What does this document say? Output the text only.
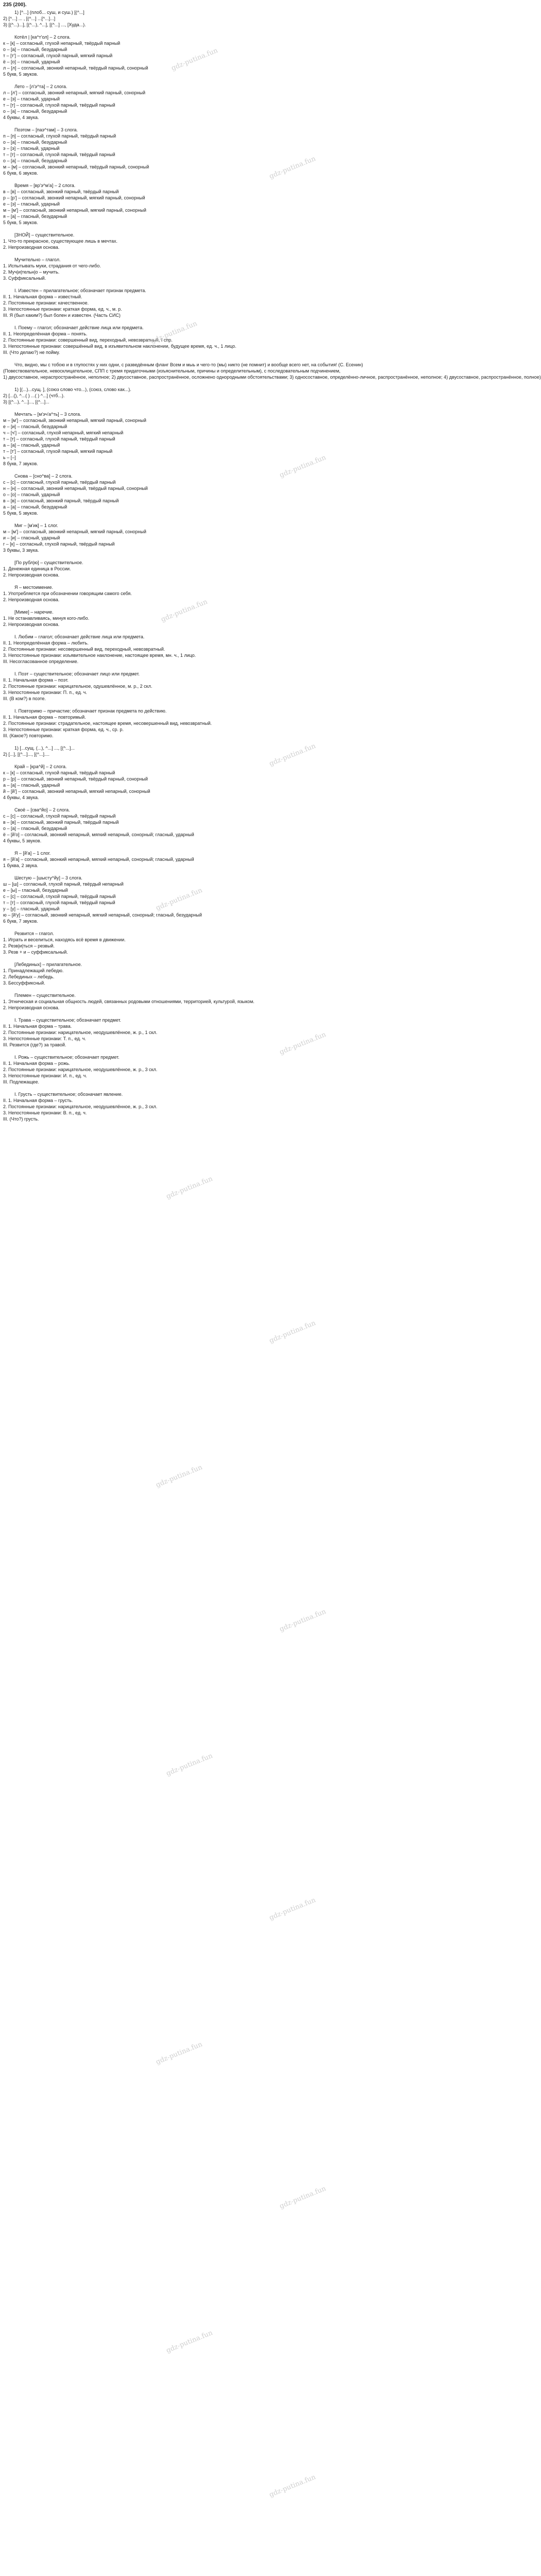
235 (200).
1) [^...] (плоб... суш, и суш.) [(^...]
2) [^...] ... , [(^...] ...[^...]...]
3) [(^...)...], [(^...), ^...], [(^...] ..., [Худа...).
Котёл | [ка^т'ол] – 2 слога.
к – [к] – согласный, глухой непарный, твёрдый парный
о – [а] – гласный, безударный
т – [т'] – согласный, глухой парный, мягкий парный
ё – [о] – гласный, ударный
л – [л] – согласный, звонкий непарный, твёрдый парный, сонорный
5 букв, 5 звуков.
Лето – [л'э^та] – 2 слога.
л – [л'] – согласный, звонкий непарный, мягкий парный, сонорный
е – [э] – гласный, ударный
т – [т] – согласный, глухой парный, твёрдый парный
о – [а] – гласный, безударный
4 буквы, 4 звука.
Поэтом – [паэ^там] – 3 слога.
п – [п] – согласный, глухой парный, твёрдый парный
о – [а] – гласный, безударный
э – [э] – гласный, ударный
т – [т] – согласный, глухой парный, твёрдый парный
о – [а] – гласный, безударный
м – [м] – согласный, звонкий непарный, твёрдый парный, сонорный
6 букв, 6 звуков.
Время – [вр'э^м'а] – 2 слога.
в – [в] – согласный, звонкий парный, твёрдый парный
р – [р'] – согласный, звонкий непарный, мягкий парный, сонорный
е – [э] – гласный, ударный
м – [м'] – согласный, звонкий непарный, мягкий парный, сонорный
я – [а] – гласный, безударный
5 букв, 5 звуков.
[ЗНОЙ] – существительное.
1. Что-то прекрасное, существующее лишь в мечтах.
2. Непроизводная основа.
Мучительно – глагол.
1. Испытывать муки, страдания от чего-либо.
2. Муч|и|тельн|о – мучить.
3. Суффиксальный.
I. Известен – прилагательное; обозначает признак предмета.
II. 1. Начальная форма – известный.
2. Постоянные признаки: качественное.
3. Непостоянные признаки: краткая форма, ед. ч., м. р.
III. Я (был каким?) был болен и известен. (Часть СИС)
I. Поему – глагол; обозначает действие лица или предмета.
II. 1. Неопределённая форма – понять.
2. Постоянные признаки: совершенный вид, переходный, невозвратный, I спр.
3. Непостоянные признаки: совершённый вид, в изъявительном наклонении, будущее время, ед. ч., 1 лицо.
III. (Что делаю?) не пойму.
Что, видно, мы с тобою и в глупостях у них одни, с разведённым фланг Всем и мыь и чего-то (мы) никто (не помнит) и вообще всего нет, на события! (С. Есенин)
(Повествовательное, невосклицательное, СПП с тремя придаточными (изъяснительным, причины и определительным), с последовательным подчинением,
1) двусоставное, нераспространённое, неполное; 2) двусоставное, распространённое, осложнено однородными обстоятельствами; 3) односоставное, определённо-личное, распространённое, неполное; 4) двусоставное, распространённое, полное)
1) [(...)...сущ. ], (союз слово что...), (союз, слово как...).
2) [...(), ^...( ) ...( ) ^...] (чтб...).
3) [(^...), ^...]..., [(^...]...
Мечтать – [м'эч'а^ть] – 3 слога.
м – [м'] – согласный, звонкий непарный, мягкий парный, сонорный
е – [и] – гласный, безударный
ч – [ч'] – согласный, глухой непарный, мягкий непарный
т – [т] – согласный, глухой парный, твёрдый парный
а – [а] – гласный, ударный
т – [т'] – согласный, глухой парный, мягкий парный
ь – [–]
8 букв, 7 звуков.
Снова – [сно^ва] – 2 слога.
с – [с] – согласный, глухой парный, твёрдый парный
н – [н] – согласный, звонкий непарный, твёрдый парный, сонорный
о – [о] – гласный, ударный
в – [в] – согласный, звонкий парный, твёрдый парный
а – [а] – гласный, безударный
5 букв, 5 звуков.
Миг – [м'ик] – 1 слог.
м – [м'] – согласный, звонкий непарный, мягкий парный, сонорный
и – [и] – гласный, ударный
г – [к] – согласный, глухой парный, твёрдый парный
3 буквы, 3 звука.
[По рубл|ю] – существительное.
1. Денежная единица в России.
2. Непроизводная основа.
Я – местоимение.
1. Употребляется при обозначении говорящим самого себя.
2. Непроизводная основа.
[Миме] – наречие.
1. Не останавливаясь, минуя кого-либо.
2. Непроизводная основа.
I. Любим – глагол; обозначает действие лица или предмета.
II. 1. Неопределённая форма – любить.
2. Постоянные признаки: несовершенный вид, переходный, невозвратный.
3. Непостоянные признаки: изъявительное наклонение, настоящее время, мн. ч., 1 лицо.
III. Несогласованное определение.
I. Поэт – существительное; обозначает лицо или предмет.
II. 1. Начальная форма – поэт.
2. Постоянные признаки: нарицательное, одушевлённое, м. р., 2 скл.
3. Непостоянные признаки: П. п., ед. ч.
III. (В ком?) в поэте.
I. Повторимо – причастие; обозначает признак предмета по действию.
II. 1. Начальная форма – повторимый.
2. Постоянные признаки: страдательное, настоящее время, несовершенный вид, невозвратный.
3. Непостоянные признаки: краткая форма, ед. ч., ср. р.
III. (Какое?) повторимо.
1) [...сущ. (...), ^...] ..., [(^...]...
2) [...], [(^...]..., [(^...]....
Край – [кра^й] – 2 слога.
к – [к] – согласный, глухой парный, твёрдый парный
р – [р] – согласный, звонкий непарный, твёрдый парный, сонорный
а – [а] – гласный, ударный
й – [й'] – согласный, звонкий непарный, мягкий непарный, сонорный
4 буквы, 4 звука.
Своё – [сва^йо] – 2 слога.
с – [с] – согласный, глухой парный, твёрдый парный
в – [в] – согласный, звонкий парный, твёрдый парный
о – [а] – гласный, безударный
ё – [й'о] – согласный, звонкий непарный, мягкий непарный, сонорный; гласный, ударный
4 буквы, 5 звуков.
Я – [й'а] – 1 слог.
я – [й'а] – согласный, звонкий непарный, мягкий непарный, сонорный; гласный, ударный
1 буква, 2 звука.
Шестую – [шысту^йу] – 3 слога.
ш – [ш] – согласный, глухой парный, твёрдый непарный
е – [ы] – гласный, безударный
с – [с] – согласный, глухой парный, твёрдый парный
т – [т] – согласный, глухой парный, твёрдый парный
у – [у] – гласный, ударный
ю – [й'у] – согласный, звонкий непарный, мягкий непарный, сонорный; гласный, безударный
6 букв, 7 звуков.
Резвится – глагол.
1. Играть и веселиться, находясь всё время в движении.
2. Резв|и|ться – резвый.
3. Резв + и – суффиксальный.
[Лебединых] – прилагательное.
1. Принадлежащий лебедю.
2. Лебединых – лебедь.
3. Бессуффиксный.
Племен – существительное.
1. Этническая и социальная общность людей, связанных родовыми отношениями, территорией, культурой, языком.
2. Непроизводная основа.
I. Трава – существительное; обозначает предмет.
II. 1. Начальная форма – трава.
2. Постоянные признаки: нарицательное, неодушевлённое, ж. р., 1 скл.
3. Непостоянные признаки: Т. п., ед. ч.
III. Резвится (где?) за травой.
I. Рожь – существительное; обозначает предмет.
II. 1. Начальная форма – рожь.
2. Постоянные признаки: нарицательное, неодушевлённое, ж. р., 3 скл.
3. Непостоянные признаки: И. п., ед. ч.
III. Подлежащее.
I. Грусть – существительное; обозначает явление.
II. 1. Начальная форма – грусть.
2. Постоянные признаки: нарицательное, неодушевлённое, ж. р., 3 скл.
3. Непостоянные признаки: В. п., ед. ч.
III. (Что?) грусть.
gdz-putina.fun
gdz-putina.fun
gdz-putina.fun
gdz-putina.fun
gdz-putina.fun
gdz-putina.fun
gdz-putina.fun
gdz-putina.fun
gdz-putina.fun
gdz-putina.fun
gdz-putina.fun
gdz-putina.fun
gdz-putina.fun
gdz-putina.fun
gdz-putina.fun
gdz-putina.fun
gdz-putina.fun
gdz-putina.fun
